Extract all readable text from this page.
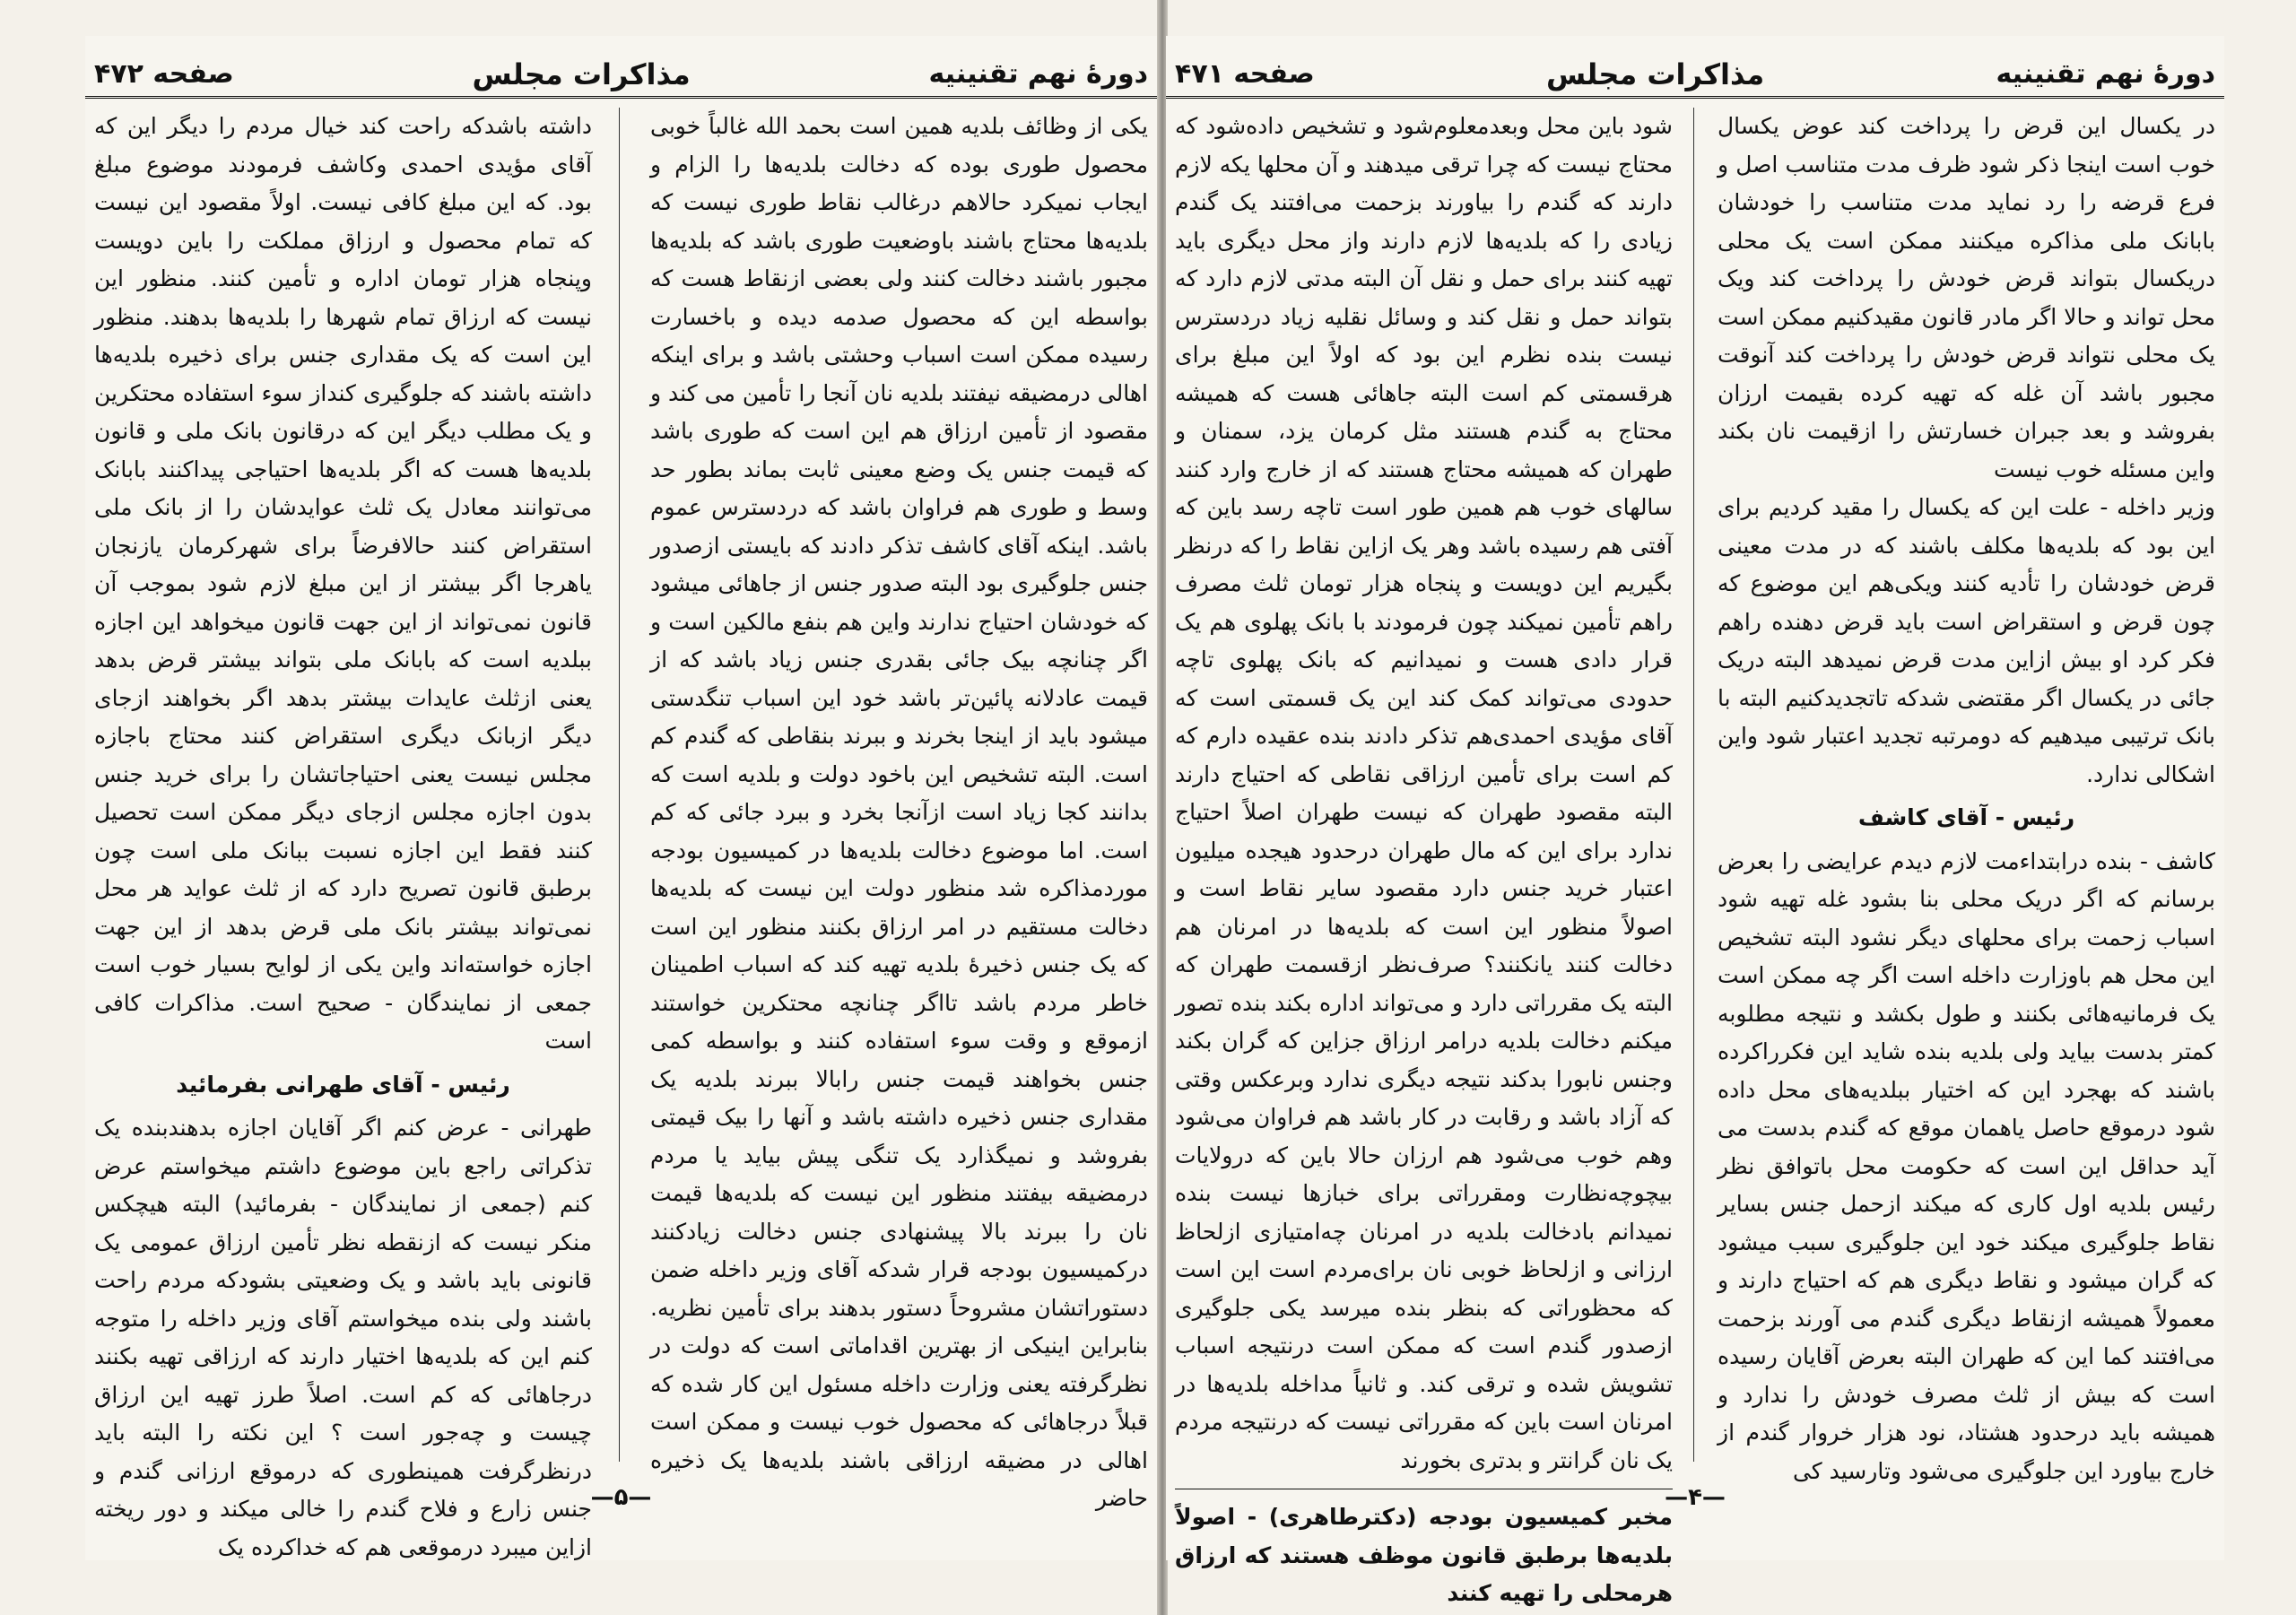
دورهٔ نهم تقنینیه
مذاکرات مجلس
صفحه ۴۷۲

یکی از وظائف بلدیه همین است بحمد الله غالباً خوبی محصول طوری بوده که دخالت بلدیه‌ها را الزام و ایجاب نمیکرد حالاهم درغالب نقاط طوری نیست که بلدیه‌ها محتاج باشند باوضعیت طوری باشد که بلدیه‌ها مجبور باشند دخالت کنند ولی بعضی ازنقاط هست که بواسطه این که محصول صدمه دیده و باخسارت رسیده ممکن است اسباب وحشتی باشد و برای اینکه اهالی درمضیقه نیفتند بلدیه نان آنجا را تأمین می کند و مقصود از تأمین ارزاق هم این است که طوری باشد که قیمت جنس یک وضع معینی ثابت بماند بطور حد وسط و طوری هم فراوان باشد که دردسترس عموم باشد. اینکه آقای کاشف تذکر دادند که بایستی ازصدور جنس جلوگیری بود البته صدور جنس از جاهائی میشود که خودشان احتیاج ندارند واین هم بنفع مالکین است و اگر چنانچه بیک جائی بقدری جنس زیاد باشد که از قیمت عادلانه پائین‌تر باشد خود این اسباب تنگدستی میشود باید از اینجا بخرند و ببرند بنقاطی که گندم کم است. البته تشخیص این باخود دولت و بلدیه است که بدانند کجا زیاد است ازآنجا بخرد و ببرد جائی که کم است. اما موضوع دخالت بلدیه‌ها در کمیسیون بودجه موردمذاکره شد منظور دولت این نیست که بلدیه‌ها دخالت مستقیم در امر ارزاق بکنند منظور این است که یک جنس ذخیرهٔ بلدیه تهیه کند که اسباب اطمینان خاطر مردم باشد تااگر چنانچه محتکرین خواستند ازموقع و وقت سوء استفاده کنند و بواسطه کمی جنس بخواهند قیمت جنس رابالا ببرند بلدیه یک مقداری جنس ذخیره داشته باشد و آنها را بیک قیمتی بفروشد و نمیگذارد یک تنگی پیش بیاید یا مردم درمضیقه بیفتند منظور این نیست که بلدیه‌ها قیمت نان را ببرند بالا پیشنهادی جنس دخالت زیادکنند درکمیسیون بودجه قرار شدکه آقای وزیر داخله ضمن دستوراتشان مشروحاً دستور بدهند برای تأمین نظریه. بنابراین اینیکی از بهترین اقداماتی است که دولت در نظرگرفته یعنی وزارت داخله مسئول این کار شده که قبلاً درجاهائی که محصول خوب نیست و ممکن است اهالی در مضیقه ارزاقی باشند بلدیه‌ها یک ذخیره حاضر

داشته باشدکه راحت کند خیال مردم را دیگر این که آقای مؤیدی احمدی وکاشف فرمودند موضوع مبلغ بود. که این مبلغ کافی نیست. اولاً مقصود این نیست که تمام محصول و ارزاق مملکت را باین دویست وپنجاه هزار تومان اداره و تأمین کنند. منظور این نیست که ارزاق تمام شهرها را بلدیه‌ها بدهند. منظور این است که یک مقداری جنس برای ذخیره بلدیه‌ها داشته باشند که جلوگیری کنداز سوء استفاده محتکرین و یک مطلب دیگر این که درقانون بانک ملی و قانون بلدیه‌ها هست که اگر بلدیه‌ها احتیاجی پیداکنند بابانک می‌توانند معادل یک ثلث عوایدشان را از بانک ملی استقراض کنند حالافرضاً برای شهرکرمان یازنجان یاهرجا اگر بیشتر از این مبلغ لازم شود بموجب آن قانون نمی‌تواند از این جهت قانون میخواهد این اجازه ببلدیه است که بابانک ملی بتواند بیشتر قرض بدهد یعنی ازثلث عایدات بیشتر بدهد اگر بخواهند ازجای دیگر ازبانک دیگری استقراض کنند محتاج باجازه مجلس نیست یعنی احتیاجاتشان را برای خرید جنس بدون اجازه مجلس ازجای دیگر ممکن است تحصیل کنند فقط این اجازه نسبت ببانک ملی است چون برطبق قانون تصریح دارد که از ثلث عواید هر محل نمی‌تواند بیشتر بانک ملی قرض بدهد از این جهت اجازه خواسته‌اند واین یکی از لوایح بسیار خوب است جمعی از نمایندگان - صحیح است. مذاکرات کافی است

رئیس - آقای طهرانی بفرمائید

طهرانی - عرض کنم اگر آقایان اجازه بدهندبنده یک تذکراتی راجع باین موضوع داشتم میخواستم عرض کنم (جمعی از نمایندگان - بفرمائید) البته هیچکس منکر نیست که ازنقطه نظر تأمین ارزاق عمومی یک قانونی باید باشد و یک وضعیتی بشودکه مردم راحت باشند ولی بنده میخواستم آقای وزیر داخله را متوجه کنم این که بلدیه‌ها اختیار دارند که ارزاقی تهیه بکنند درجاهائی که کم است. اصلاً طرز تهیه این ارزاق چیست و چه‌جور است ؟ این نکته را البته باید درنظرگرفت همینطوری که درموقع ارزانی گندم و جنس زارع و فلاح گندم را خالی میکند و دور ریخته ازاین میبرد درموقعی هم که خداکرده یک

—۵—
دورهٔ نهم تقنینیه
مذاکرات مجلس
صفحه ۴۷۱

در یکسال این قرض را پرداخت کند عوض یکسال خوب است اینجا ذکر شود ظرف مدت متناسب اصل و فرع قرضه را رد نماید مدت متناسب را خودشان بابانک ملی مذاکره میکنند ممکن است یک محلی دریکسال بتواند قرض خودش را پرداخت کند ویک محل تواند و حالا اگر مادر قانون مقیدکنیم ممکن است یک محلی نتواند قرض خودش را پرداخت کند آنوقت مجبور باشد آن غله که تهیه کرده بقیمت ارزان بفروشد و بعد جبران خسارتش را ازقیمت نان بکند واین مسئله خوب نیست

وزیر داخله - علت این که یکسال را مقید کردیم برای این بود که بلدیه‌ها مکلف باشند که در مدت معینی قرض خودشان را تأدیه کنند ویکی‌هم این موضوع که چون قرض و استقراض است باید قرض دهنده راهم فکر کرد او بیش ازاین مدت قرض نمیدهد البته دریک جائی در یکسال اگر مقتضی شدکه تاتجدیدکنیم البته با بانک ترتیبی میدهیم که دومرتبه تجدید اعتبار شود واین اشکالی ندارد.

رئیس - آقای کاشف

کاشف - بنده درابتداءمت لازم دیدم عرایضی را بعرض برسانم که اگر دریک محلی بنا بشود غله تهیه شود اسباب زحمت برای محلهای دیگر نشود البته تشخیص این محل هم باوزارت داخله است اگر چه ممکن است یک فرمانیه‌هائی بکنند و طول بکشد و نتیجه مطلوبه کمتر بدست بیاید ولی بلدیه بنده شاید این فکرراکرده باشند که بهجرد این که اختیار ببلدیه‌های محل داده شود درموقع حاصل یاهمان موقع که گندم بدست می آید حداقل این است که حکومت محل باتوافق نظر رئیس بلدیه اول کاری که میکند ازحمل جنس بسایر نقاط جلوگیری میکند خود این جلوگیری سبب میشود که گران میشود و نقاط دیگری هم که احتیاج دارند و معمولاً همیشه ازنقاط دیگری گندم می آورند بزحمت می‌افتند کما این که طهران البته بعرض آقایان رسیده است که بیش از ثلث مصرف خودش را ندارد و همیشه باید درحدود هشتاد، نود هزار خروار گندم از خارج بیاورد این جلوگیری می‌شود وتارسید کی

شود باین محل وبعدمعلوم‌شود و تشخیص داده‌شود که محتاج نیست که چرا ترقی میدهند و آن محلها یکه لازم دارند که گندم را بیاورند بزحمت می‌افتند یک گندم زیادی را که بلدیه‌ها لازم دارند واز محل دیگری باید تهیه کنند برای حمل و نقل آن البته مدتی لازم دارد که بتواند حمل و نقل کند و وسائل نقلیه زیاد دردسترس نیست بنده نظرم این بود که اولاً این مبلغ برای هرقسمتی کم است البته جاهائی هست که همیشه محتاج به گندم هستند مثل کرمان یزد، سمنان و طهران که همیشه محتاج هستند که از خارج وارد کنند سالهای خوب هم همین طور است تاچه رسد باین که آفتی هم رسیده باشد وهر یک ازاین نقاط را که درنظر بگیریم این دویست و پنجاه هزار تومان ثلث مصرف راهم تأمین نمیکند چون فرمودند با بانک پهلوی هم یک قرار دادی هست و نمیدانیم که بانک پهلوی تاچه حدودی می‌تواند کمک کند این یک قسمتی است که آقای مؤیدی احمدی‌هم تذکر دادند بنده عقیده دارم که کم است برای تأمین ارزاقی نقاطی که احتیاج دارند البته مقصود طهران که نیست طهران اصلاً احتیاج ندارد برای این که مال طهران درحدود هیجده میلیون اعتبار خرید جنس دارد مقصود سایر نقاط است و اصولاً منظور این است که بلدیه‌ها در امرنان هم دخالت کنند یانکنند؟ صرف‌نظر ازقسمت طهران که البته یک مقرراتی دارد و می‌تواند اداره بکند بنده تصور میکنم دخالت بلدیه درامر ارزاق جزاین که گران بکند وجنس نابورا بدکند نتیجه دیگری ندارد وبرعکس وقتی که آزاد باشد و رقابت در کار باشد هم فراوان می‌شود وهم خوب می‌شود هم ارزان حالا باین که درولایات بیچوچه‌نظارت ومقرراتی برای خبازها نیست بنده نمیدانم بادخالت بلدیه در امرنان چه‌امتیازی ازلحاظ ارزانی و ازلحاظ خوبی نان برای‌مردم است این است که محظوراتی که بنظر بنده میرسد یکی جلوگیری ازصدور گندم است که ممکن است درنتیجه اسباب تشویش شده و ترقی کند. و ثانیاً مداخله بلدیه‌ها در امرنان است باین که مقرراتی نیست که درنتیجه مردم یک نان گرانتر و بدتری بخورند

مخبر کمیسیون بودجه (دکترطاهری) - اصولاً بلدیه‌ها برطبق قانون موظف هستند که ارزاق هرمحلی را تهیه کنند

—۴—
